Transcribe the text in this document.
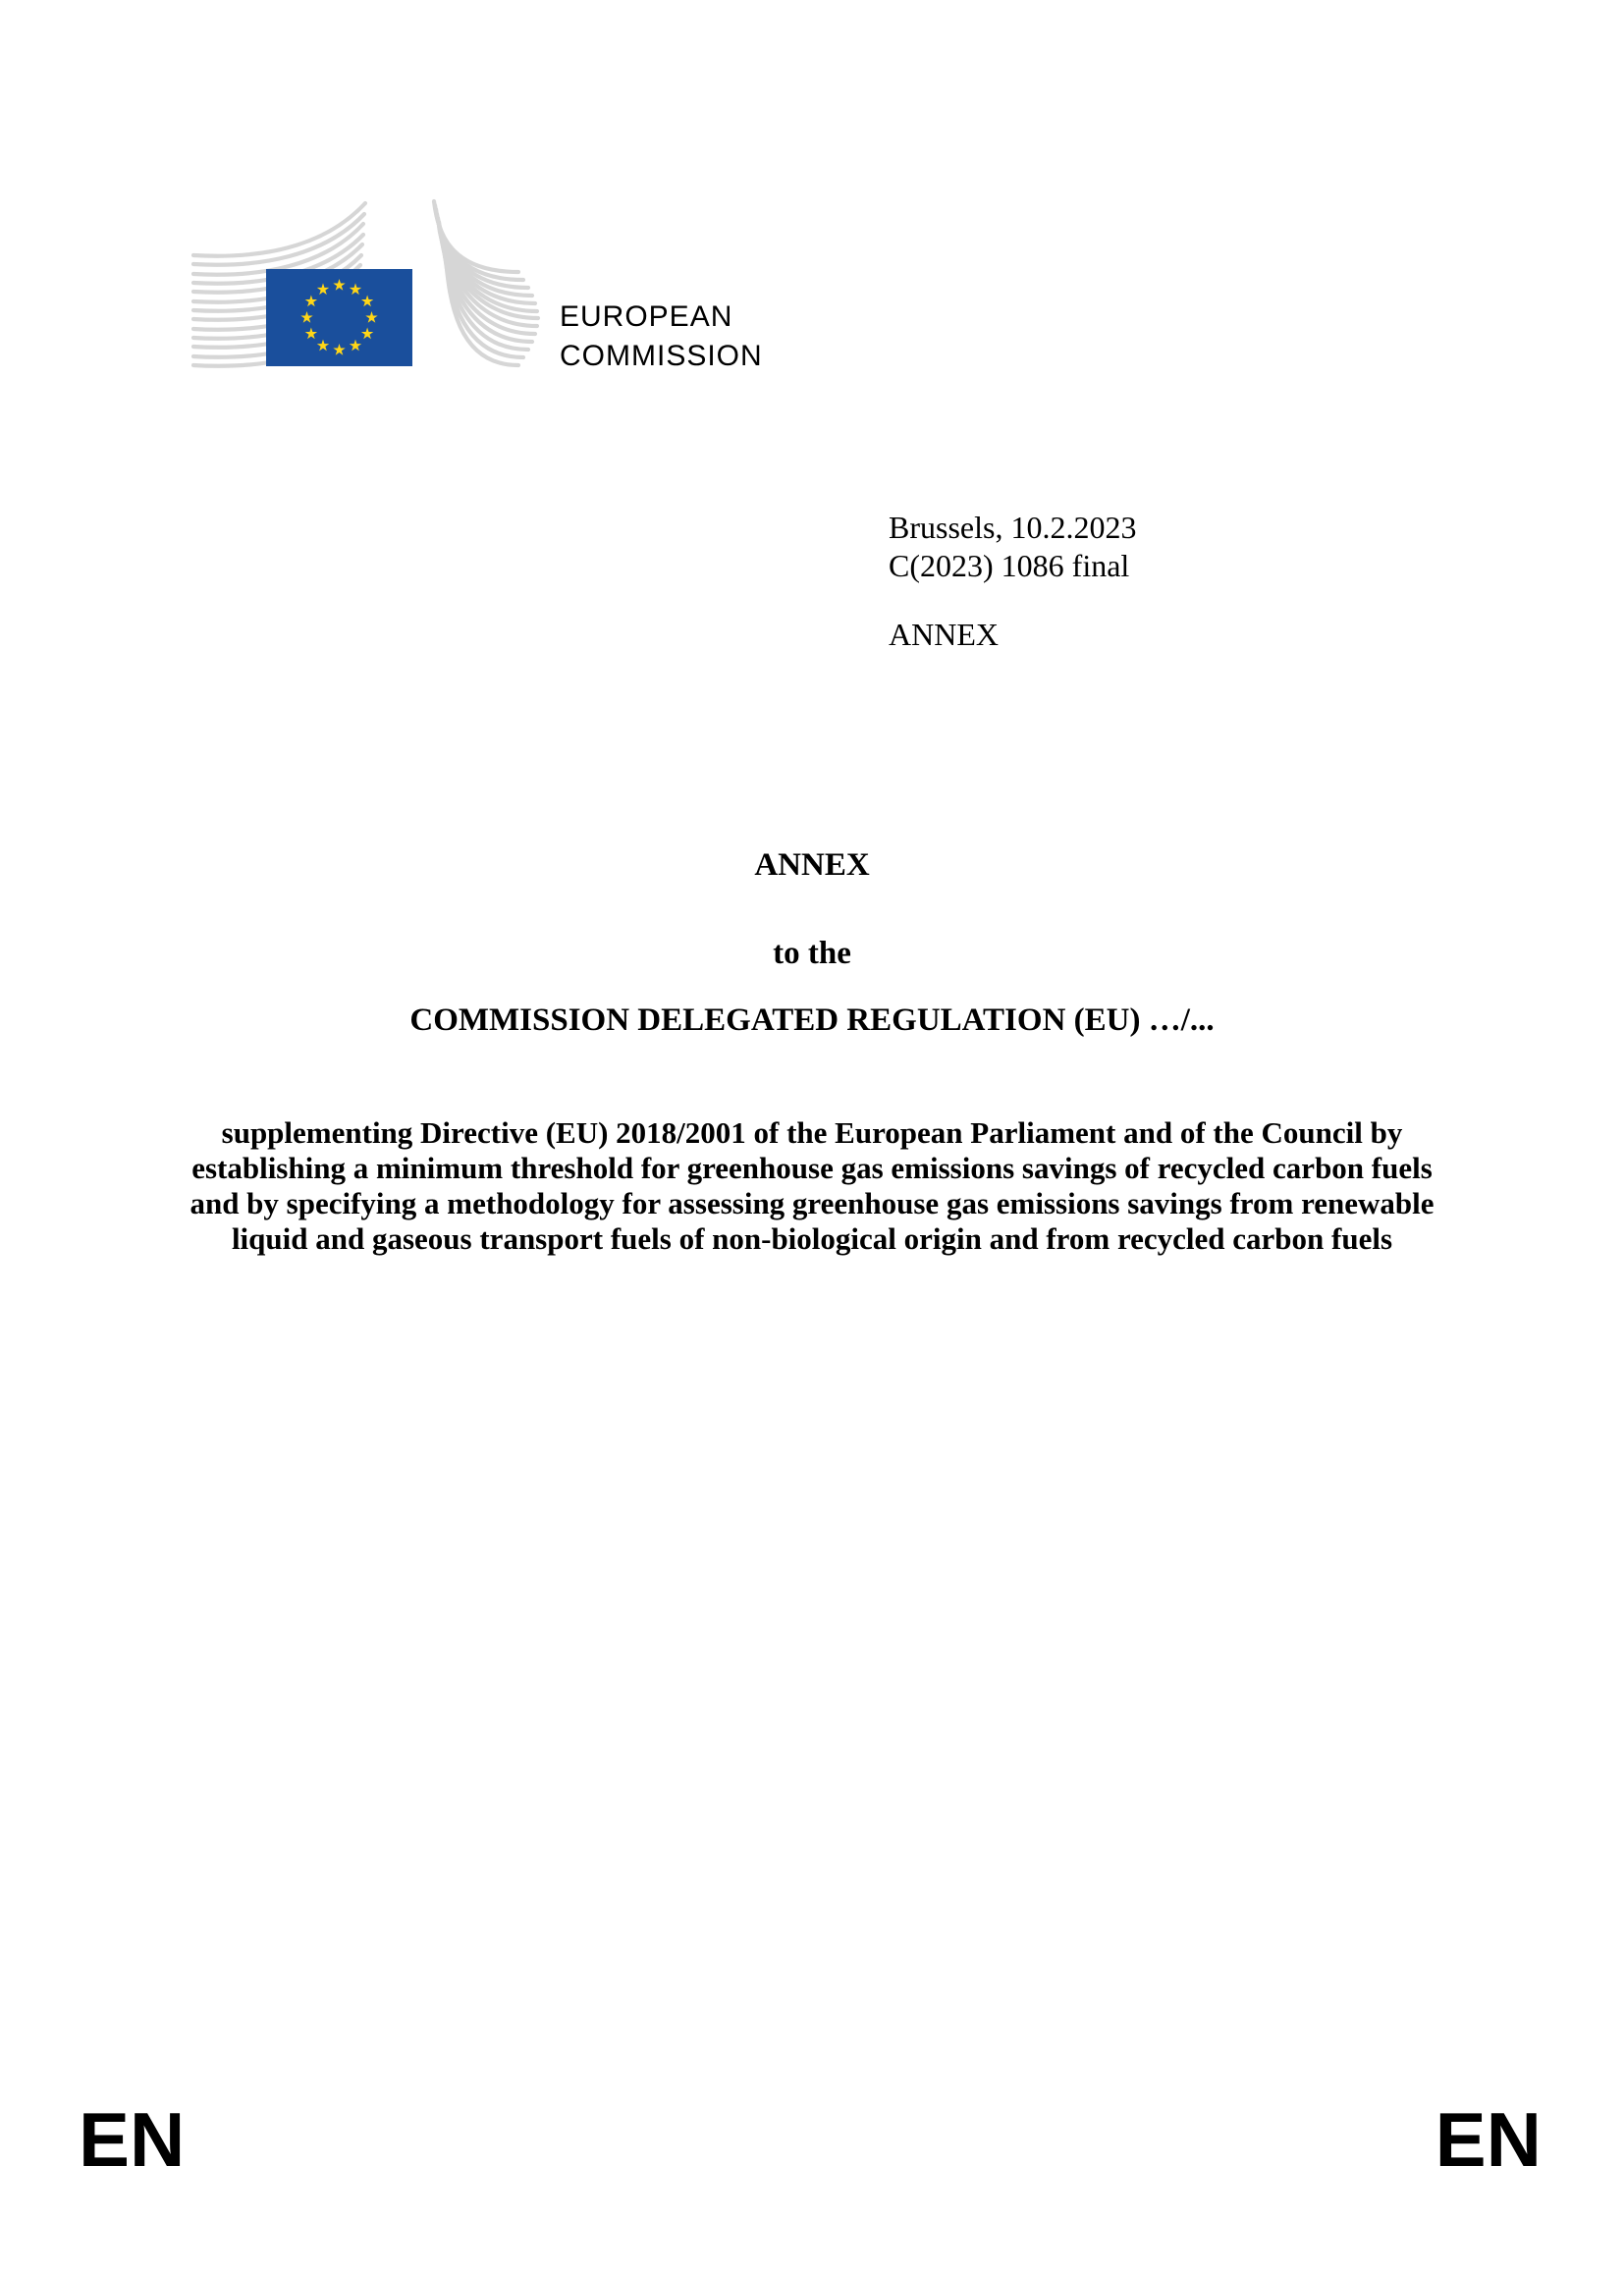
EUROPEAN
COMMISSION
Brussels, 10.2.2023
C(2023) 1086 final
ANNEX
ANNEX
to the
COMMISSION DELEGATED REGULATION (EU) …/...

supplementing Directive (EU) 2018/2001 of the European Parliament and of the Council by establishing a minimum threshold for greenhouse gas emissions savings of recycled carbon fuels and by specifying a methodology for assessing greenhouse gas emissions savings from renewable liquid and gaseous transport fuels of non-biological origin and from recycled carbon fuels

EN	EN
